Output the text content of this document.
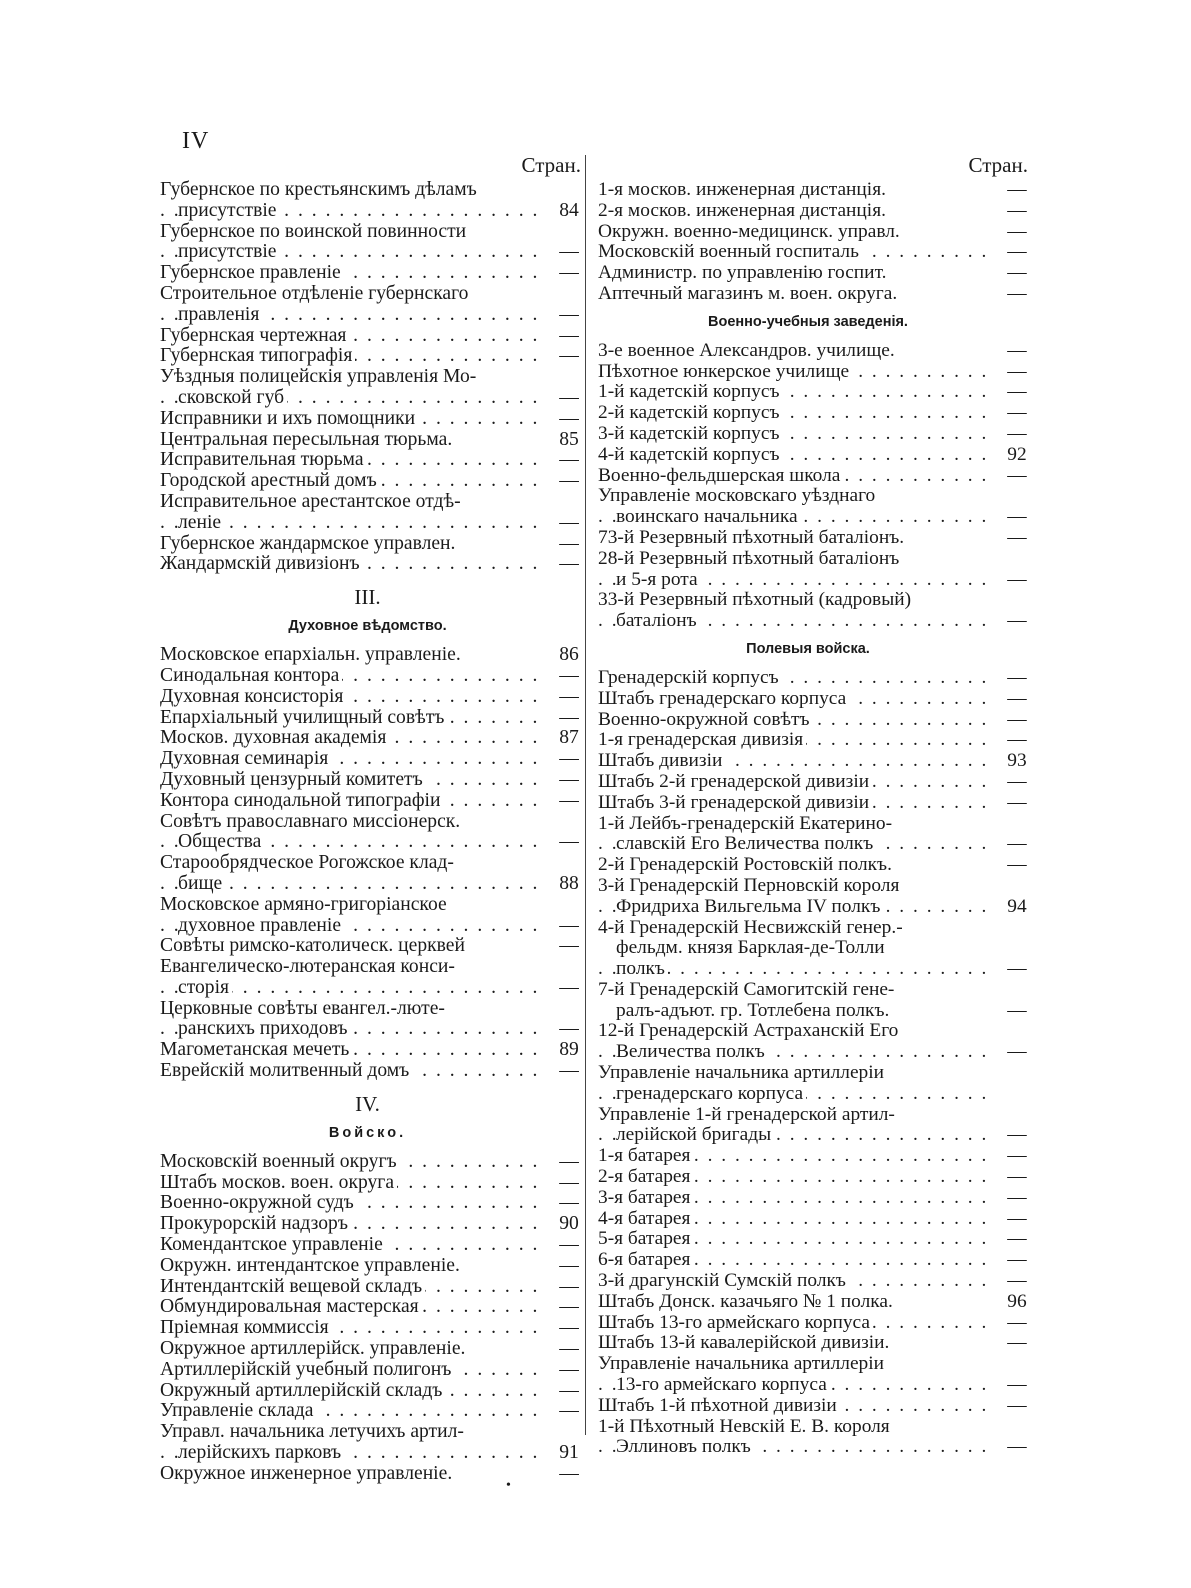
IV
Стран.
Губернское по крестьянскимъ дѣламъ
присутствіе . . .	84
Губернское по воинской повинности
присутствіе . . .	—
Губернское правленіе . . .	—
Строительное отдѣленіе губернскаго
правленія . . .	—
Губернская чертежная . . .	—
Губернская типографія . . .	—
Уѣздныя полицейскія управленія Мо-
сковской губ . . .	—
Исправники и ихъ помощники . . .	—
Центральная пересыльная тюрьма.	85
Исправительная тюрьма . . .	—
Городской арестный домъ . . .	—
Исправительное арестантское отдѣ-
леніе . . .	—
Губернское жандармское управлен.	—
Жандармскій дивизіонъ . . .	—
III.
Духовное вѣдомство.
Московское епархіальн. управленіе.	86
Синодальная контора . . .	—
Духовная консисторія . . .	—
Епархіальный училищный совѣтъ . . .	—
Москов. духовная академія . . .	87
Духовная семинарія . . .	—
Духовный цензурный комитетъ . . .	—
Контора синодальной типографіи . . .	—
Совѣтъ православнаго миссіонерск.
Общества . . .	—
Старообрядческое Рогожское клад-
бище . . .	88
Московское армяно-григоріанское
духовное правленіе . . .	—
Совѣты римско-католическ. церквей	—
Евангелическо-лютеранская конси-
сторія . . .	—
Церковные совѣты евангел.-люте-
ранскихъ приходовъ . . .	—
Магометанская мечеть . . .	89
Еврейскій молитвенный домъ . . .	—
IV.
Войско.
Московскій военный округъ . . .	—
Штабъ москов. воен. округа . . .	—
Военно-окружной судъ . . .	—
Прокурорскій надзоръ . . .	90
Комендантское управленіе . . .	—
Окружн. интендантское управленіе.	—
Интендантскій вещевой складъ . . .	—
Обмундировальная мастерская . . .	—
Пріемная коммиссія . . .	—
Окружное артиллерійск. управленіе.	—
Артиллерійскій учебный полигонъ . . .	—
Окружный артиллерійскій складъ . . .	—
Управленіе склада . . .	—
Управл. начальника летучихъ артил-
лерійскихъ парковъ . . .	91
Окружное инженерное управленіе.	—
Стран.
1-я москов. инженерная дистанція.	—
2-я москов. инженерная дистанція.	—
Окружн. военно-медицинск. управл.	—
Московскій военный госпиталь . . .	—
Администр. по управленію госпит.	—
Аптечный магазинъ м. воен. округа.	—
Военно-учебныя заведенія.
3-е военное Александров. училище.	—
Пѣхотное юнкерское училище . . .	—
1-й кадетскій корпусъ . . .	—
2-й кадетскій корпусъ . . .	—
3-й кадетскій корпусъ . . .	—
4-й кадетскій корпусъ . . .	92
Военно-фельдшерская школа . . .	—
Управленіе московскаго уѣзднаго
воинскаго начальника . . .	—
73-й Резервный пѣхотный баталіонъ.	—
28-й Резервный пѣхотный баталіонъ
и 5-я рота . . .	—
33-й Резервный пѣхотный (кадровый)
баталіонъ . . .	—
Полевыя войска.
Гренадерскій корпусъ . . .	—
Штабъ гренадерскаго корпуса . . .	—
Военно-окружной совѣтъ . . .	—
1-я гренадерская дивизія . . .	—
Штабъ дивизіи . . .	93
Штабъ 2-й гренадерской дивизіи . . .	—
Штабъ 3-й гренадерской дивизіи . . .	—
1-й Лейбъ-гренадерскій Екатерино-
славскій Его Величества полкъ . . .	—
2-й Гренадерскій Ростовскій полкъ.	—
3-й Гренадерскій Перновскій короля
Фридриха Вильгельма IV полкъ . . .	94
4-й Гренадерскій Несвижскій генер.-
фельдм. князя Барклая-де-Толли
полкъ . . .	—
7-й Гренадерскій Самогитскій гене-
ралъ-адъют. гр. Тотлебена полкъ.	—
12-й Гренадерскій Астраханскій Его
Величества полкъ . . .	—
Управленіе начальника артиллеріи
гренадерскаго корпуса . . .
Управленіе 1-й гренадерской артил-
лерійской бригады . . .	—
1-я батарея . . .	—
2-я батарея . . .	—
3-я батарея . . .	—
4-я батарея . . .	—
5-я батарея . . .	—
6-я батарея . . .	—
3-й драгунскій Сумскій полкъ . . .	—
Штабъ Донск. казачьяго № 1 полка.	96
Штабъ 13-го армейскаго корпуса . . .	—
Штабъ 13-й кавалерійской дивизіи.	—
Управленіе начальника артиллеріи
13-го армейскаго корпуса . . .	—
Штабъ 1-й пѣхотной дивизіи . . .	—
1-й Пѣхотный Невскій Е. В. короля
Эллиновъ полкъ . . .	—
•
